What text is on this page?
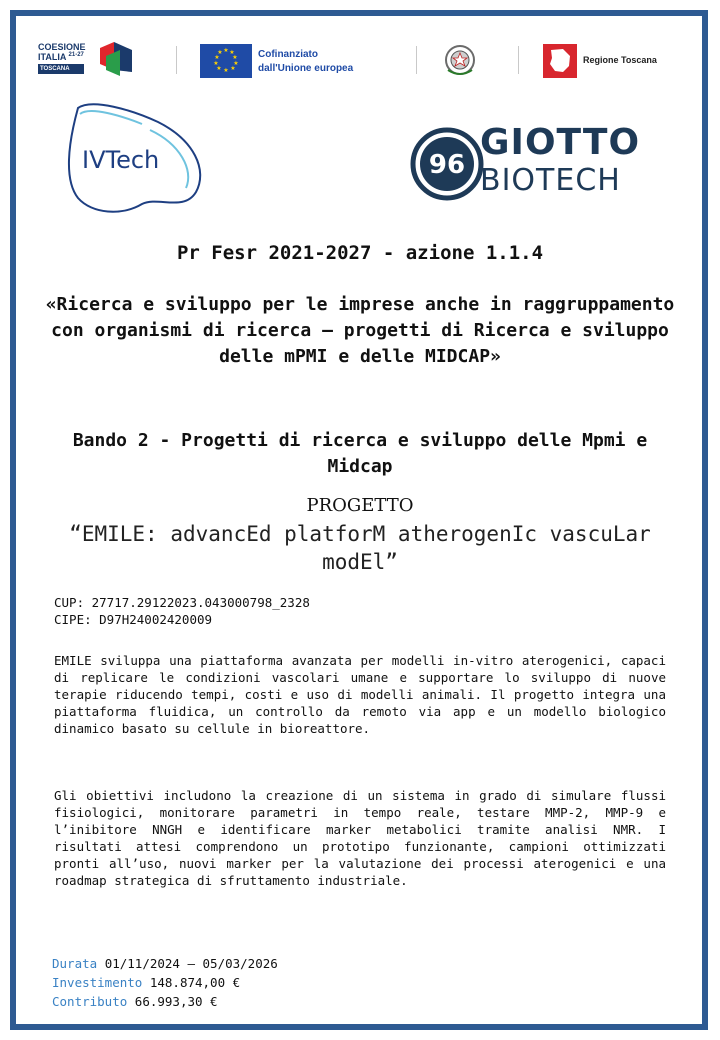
COESIONE
ITALIA $^{21-27}$
TOSCANA
★ ★
★
★
★
★
★
★
★
★	Cofinanziato
dall'Unione europea
Regione Toscana
IVTech	96
GIOTTO
BIOTECH
Pr Fesr 2021-2027 - azione 1.1.4
«Ricerca e sviluppo per le imprese anche in raggruppamento con organismi di ricerca – progetti di Ricerca e sviluppo delle mPMI e delle MIDCAP»
Bando 2 - Progetti di ricerca e sviluppo delle Mpmi e Midcap
PROGETTO
“EMILE: advancEd platforM atherogenIc vascuLar modEl”
CUP: 27717.29122023.043000798_2328
CIPE: D97H24002420009
EMILE sviluppa una piattaforma avanzata per modelli in-vitro aterogenici, capaci di replicare le condizioni vascolari umane e supportare lo sviluppo di nuove terapie riducendo tempi, costi e uso di modelli animali. Il progetto integra una piattaforma fluidica, un controllo da remoto via app e un modello biologico dinamico basato su cellule in bioreattore.
Gli obiettivi includono la creazione di un sistema in grado di simulare flussi fisiologici, monitorare parametri in tempo reale, testare MMP-2, MMP-9 e l’inibitore NNGH e identificare marker metabolici tramite analisi NMR. I risultati attesi comprendono un prototipo funzionante, campioni ottimizzati pronti all’uso, nuovi marker per la valutazione dei processi aterogenici e una roadmap strategica di sfruttamento industriale.
Durata 01/11/2024 – 05/03/2026
Investimento 148.874,00 €
Contributo 66.993,30 €
